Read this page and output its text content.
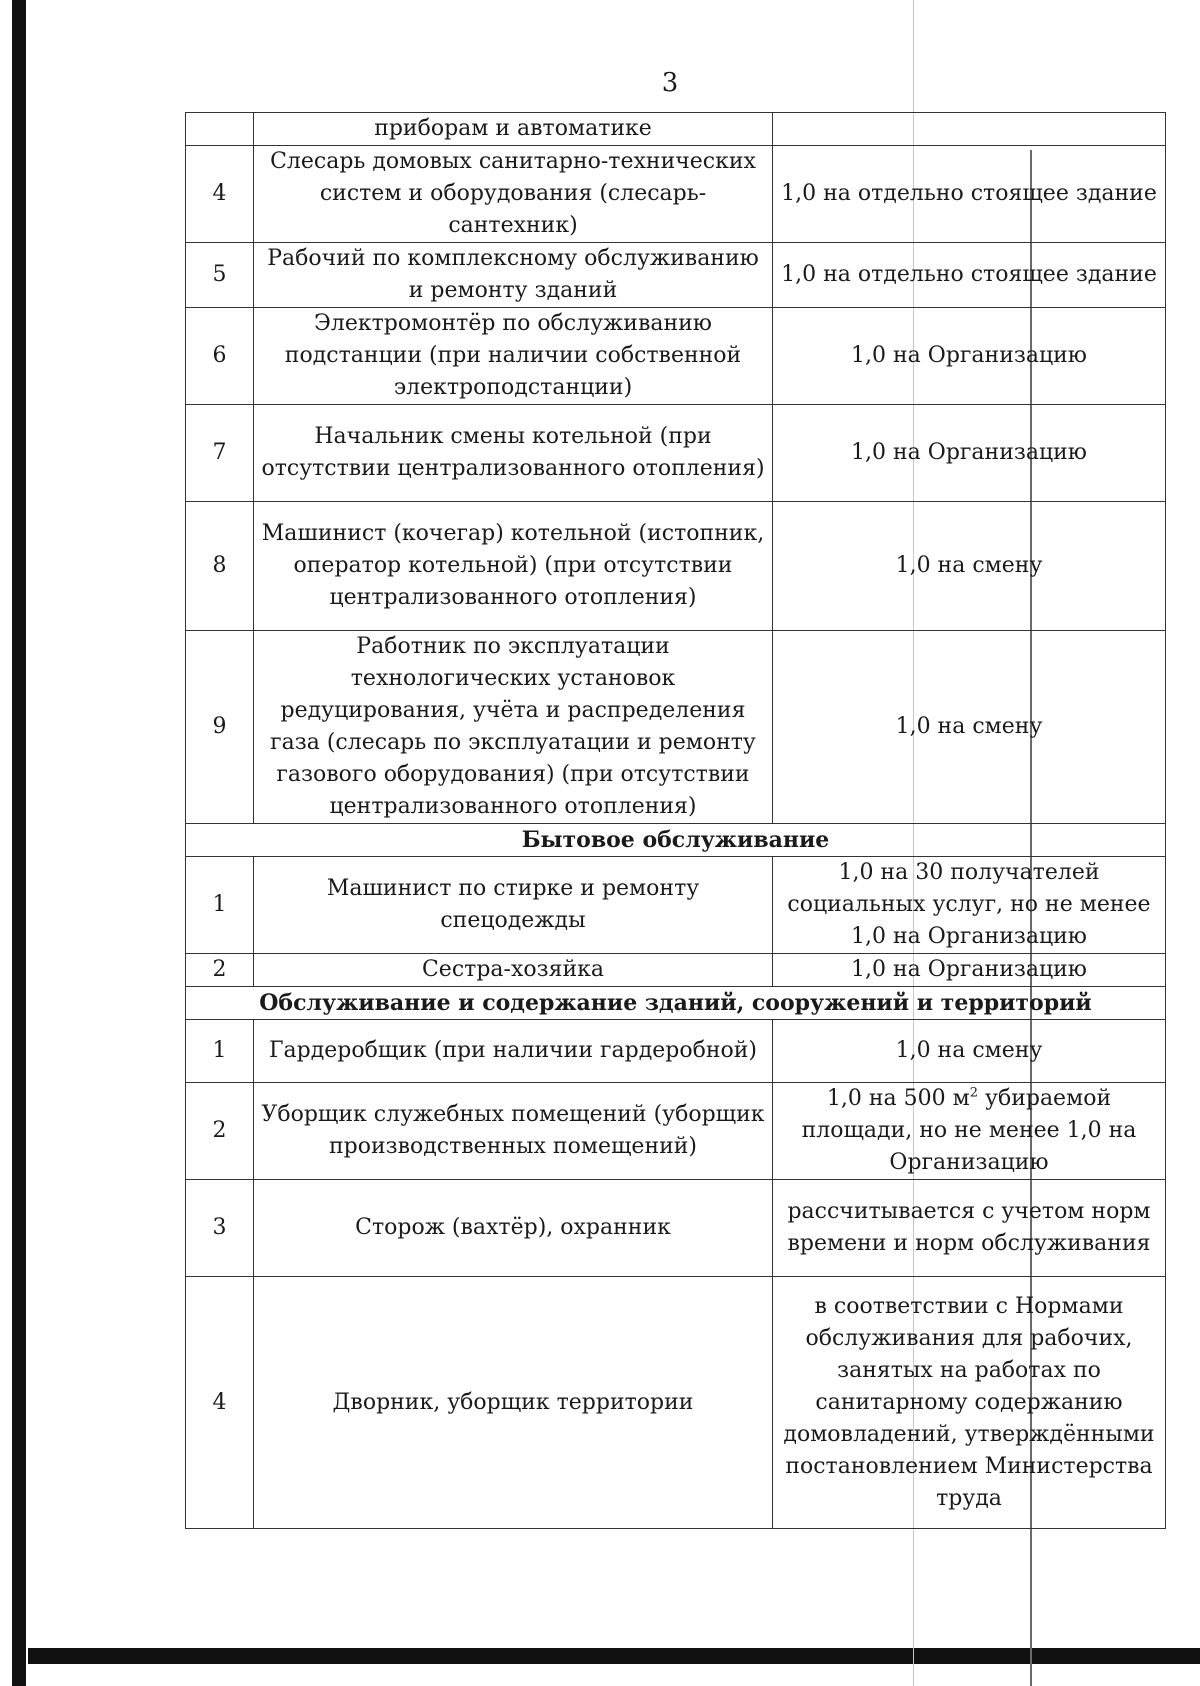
3
	приборам и автоматике	
4	Слесарь домовых санитарно-технических систем и оборудования (слесарь-сантехник)	1,0 на отдельно стоящее здание
5	Рабочий по комплексному обслуживанию и ремонту зданий	1,0 на отдельно стоящее здание
6	Электромонтёр по обслуживанию подстанции (при наличии собственной электроподстанции)	1,0 на Организацию
7	Начальник смены котельной (при отсутствии централизованного отопления)	1,0 на Организацию
8	Машинист (кочегар) котельной (истопник, оператор котельной) (при отсутствии централизованного отопления)	1,0 на смену
9	Работник по эксплуатации технологических установок редуцирования, учёта и распределения газа (слесарь по эксплуатации и ремонту газового оборудования) (при отсутствии централизованного отопления)	1,0 на смену
Бытовое обслуживание		
1	Машинист по стирке и ремонту спецодежды	1,0 на 30 получателей социальных услуг, но не менее 1,0 на Организацию
2	Сестра-хозяйка	1,0 на Организацию
Обслуживание и содержание зданий, сооружений и территорий		
1	Гардеробщик (при наличии гардеробной)	1,0 на смену
2	Уборщик служебных помещений (уборщик производственных помещений)	1,0 на 500 $м^2$ убираемой площади, но не менее 1,0 на Организацию
3	Сторож (вахтёр), охранник	рассчитывается с учетом норм времени и норм обслуживания
4	Дворник, уборщик территории	в соответствии с Нормами обслуживания для рабочих, занятых на работах по санитарному содержанию домовладений, утверждёнными постановлением Министерства труда
